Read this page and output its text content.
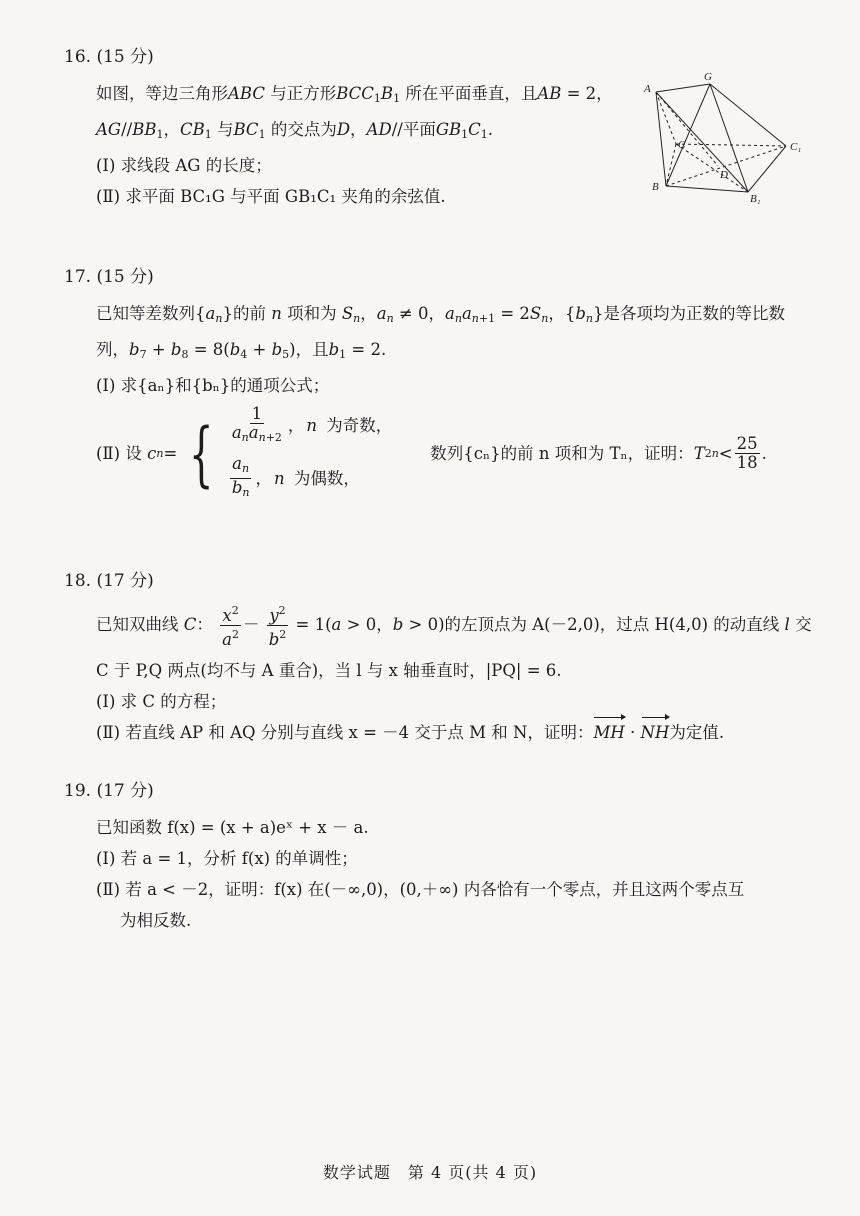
16. (15 分)
如图，等边三角形ABC 与正方形$BCC_1B_1$ 所在平面垂直，且AB = 2，
$AG//BB_1$，$CB_1$ 与$BC_1$ 的交点为D，AD//平面$GB_1C_1$.
(Ⅰ) 求线段 AG 的长度；
(Ⅱ) 求平面 BC₁G 与平面 GB₁C₁ 夹角的余弦值.
A
G
C	C₁
D
B
B₁
17. (15 分)
已知等差数列$\{a_n\}$的前 n 项和为 $S_n$，$a_n \ne 0$，$a_na_{n+1} = 2S_n$，$\{b_n\}$是各项均为正数的等比数
列，$b_7 + b_8 = 8(b_4 + b_5)$，且$b_1 = 2$.
(Ⅰ) 求{aₙ}和{bₙ}的通项公式；
(Ⅱ) 设
c n = { $\frac{1}{a_na_{n+2}}$ ， n
为奇数，
$\frac{a_n}{b_n}$ ， n
为偶数，
数列{cₙ}的前 n 项和为 Tₙ，证明： T $2n < \frac{25}{18}$ .
18. (17 分)
已知双曲线 C： $\frac{x^2}{a^2} - \frac{y^2}{b^2} = 1(a > 0$，b > 0)的左顶点为 A(－2,0)，过点 H(4,0) 的动直线 l 交
C 于 P,Q 两点(均不与 A 重合)，当 l 与 x 轴垂直时，|PQ| = 6.
(Ⅰ) 求 C 的方程；
(Ⅱ) 若直线 AP 和 AQ 分别与直线 x = －4 交于点 M 和 N，证明：MH · NH为定值.
19. (17 分)
已知函数 f(x) = (x + a)eˣ + x － a.
(Ⅰ) 若 a = 1，分析 f(x) 的单调性；
(Ⅱ) 若 a < －2，证明：f(x) 在(－∞,0)，(0,＋∞) 内各恰有一个零点，并且这两个零点互
为相反数.
数学试题　第 4 页(共 4 页)
